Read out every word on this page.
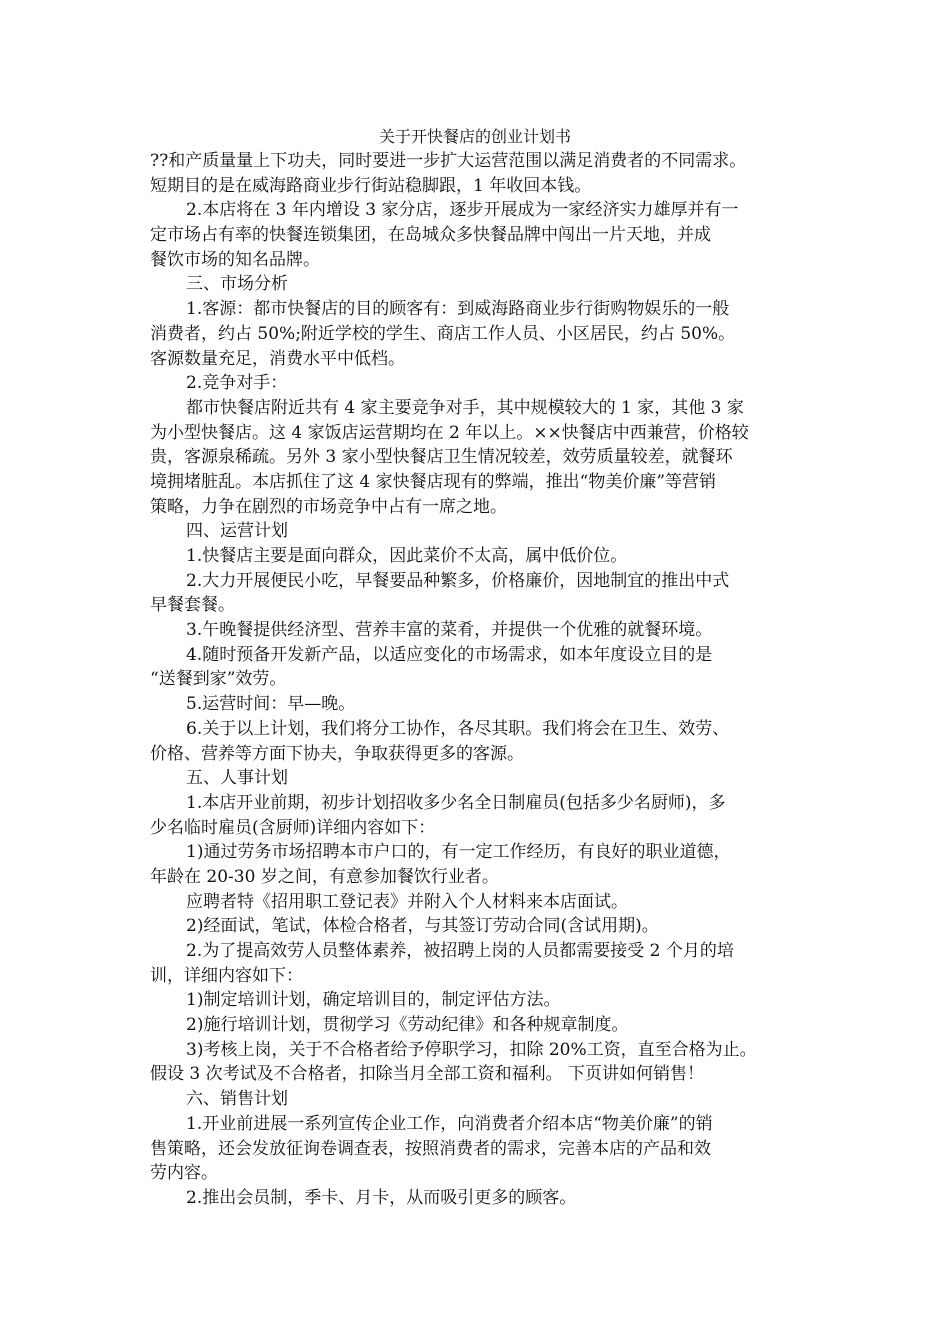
关于开快餐店的创业计划书
??和产质量量上下功夫，同时要进一步扩大运营范围以满足消费者的不同需求。
短期目的是在威海路商业步行街站稳脚跟，1 年收回本钱。
2.本店将在 3 年内增设 3 家分店，逐步开展成为一家经济实力雄厚并有一
定市场占有率的快餐连锁集团，在岛城众多快餐品牌中闯出一片天地，并成
餐饮市场的知名品牌。
三、市场分析
1.客源：都市快餐店的目的顾客有：到威海路商业步行街购物娱乐的一般
消费者，约占 50%;附近学校的学生、商店工作人员、小区居民，约占 50%。
客源数量充足，消费水平中低档。
2.竞争对手：
都市快餐店附近共有 4 家主要竞争对手，其中规模较大的 1 家，其他 3 家
为小型快餐店。这 4 家饭店运营期均在 2 年以上。××快餐店中西兼营，价格较
贵，客源泉稀疏。另外 3 家小型快餐店卫生情况较差，效劳质量较差，就餐环
境拥堵脏乱。本店抓住了这 4 家快餐店现有的弊端，推出“物美价廉”等营销
策略，力争在剧烈的市场竞争中占有一席之地。
四、运营计划
1.快餐店主要是面向群众，因此菜价不太高，属中低价位。
2.大力开展便民小吃，早餐要品种繁多，价格廉价，因地制宜的推出中式
早餐套餐。
3.午晚餐提供经济型、营养丰富的菜肴，并提供一个优雅的就餐环境。
4.随时预备开发新产品，以适应变化的市场需求，如本年度设立目的是
“送餐到家”效劳。
5.运营时间：早—晚。
6.关于以上计划，我们将分工协作，各尽其职。我们将会在卫生、效劳、
价格、营养等方面下协夫，争取获得更多的客源。
五、人事计划
1.本店开业前期，初步计划招收多少名全日制雇员(包括多少名厨师)，多
少名临时雇员(含厨师)详细内容如下：
1)通过劳务市场招聘本市户口的，有一定工作经历，有良好的职业道德，
年龄在 20-30 岁之间，有意参加餐饮行业者。
应聘者特《招用职工登记表》并附入个人材料来本店面试。
2)经面试，笔试，体检合格者，与其签订劳动合同(含试用期)。
2.为了提高效劳人员整体素养，被招聘上岗的人员都需要接受 2 个月的培
训，详细内容如下：
1)制定培训计划，确定培训目的，制定评估方法。
2)施行培训计划，贯彻学习《劳动纪律》和各种规章制度。
3)考核上岗，关于不合格者给予停职学习，扣除 20%工资，直至合格为止。
假设 3 次考试及不合格者，扣除当月全部工资和福利。 下页讲如何销售！
六、销售计划
1.开业前进展一系列宣传企业工作，向消费者介绍本店“物美价廉”的销
售策略，还会发放征询卷调查表，按照消费者的需求，完善本店的产品和效
劳内容。
2.推出会员制，季卡、月卡，从而吸引更多的顾客。
